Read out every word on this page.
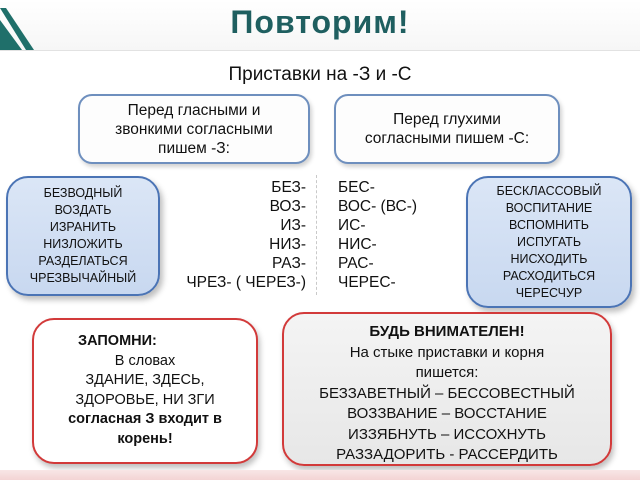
Повторим!
Приставки на -З и -С
Перед гласными и
звонкими согласными
пишем -З:
Перед глухими
согласными пишем -С:
БЕЗВОДНЫЙ
ВОЗДАТЬ
ИЗРАНИТЬ
НИЗЛОЖИТЬ
РАЗДЕЛАТЬСЯ
ЧРЕЗВЫЧАЙНЫЙ
БЕЗ-
ВОЗ-
ИЗ-
НИЗ-
РАЗ-
ЧРЕЗ- ( ЧЕРЕЗ-)
БЕС-
ВОС- (ВС-)
ИС-
НИС-
РАС-
ЧЕРЕС-
БЕСКЛАССОВЫЙ
ВОСПИТАНИЕ
ВСПОМНИТЬ
ИСПУГАТЬ
НИСХОДИТЬ
РАСХОДИТЬСЯ
ЧЕРЕСЧУР
ЗАПОМНИ:
В словах
ЗДАНИЕ, ЗДЕСЬ,
ЗДОРОВЬЕ, НИ ЗГИ
согласная З входит в
корень!
БУДЬ ВНИМАТЕЛЕН!
На стыке приставки и корня
пишется:
БЕЗЗАВЕТНЫЙ – БЕССОВЕСТНЫЙ
ВОЗЗВАНИЕ – ВОССТАНИЕ
ИЗЗЯБНУТЬ – ИССОХНУТЬ
РАЗЗАДОРИТЬ - РАССЕРДИТЬ
